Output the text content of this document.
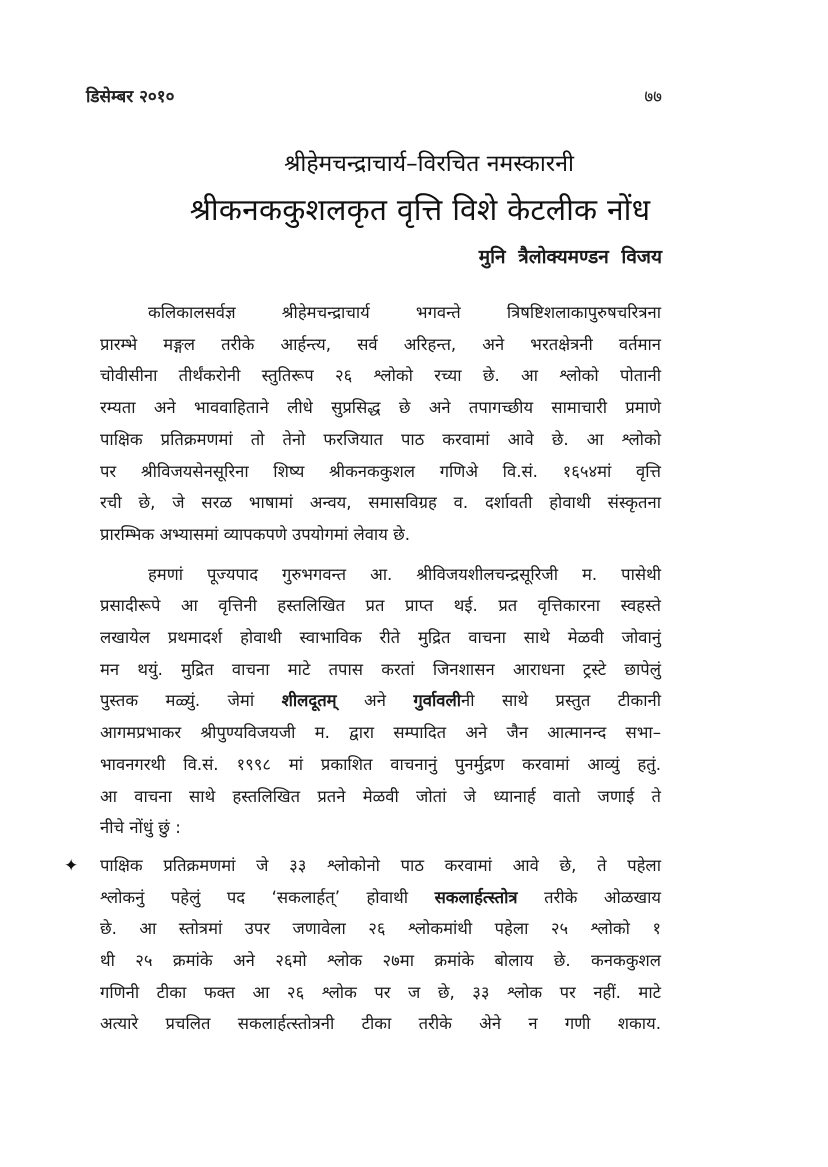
डिसेम्बर २०१०	७७
श्रीहेमचन्द्राचार्य–विरचित नमस्कारनी
श्रीकनककुशलकृत वृत्ति विशे केटलीक नोंध
मुनि त्रैलोक्यमण्डन विजय
कलिकालसर्वज्ञ श्रीहेमचन्द्राचार्य भगवन्ते त्रिषष्टिशलाकापुरुषचरित्रना
प्रारम्भे मङ्गल तरीके आर्हन्त्य, सर्व अरिहन्त, अने भरतक्षेत्रनी वर्तमान
चोवीसीना तीर्थंकरोनी स्तुतिरूप २६ श्लोको रच्या छे. आ श्लोको पोतानी
रम्यता अने भाववाहिताने लीधे सुप्रसिद्ध छे अने तपागच्छीय सामाचारी प्रमाणे
पाक्षिक प्रतिक्रमणमां तो तेनो फरजियात पाठ करवामां आवे छे. आ श्लोको
पर श्रीविजयसेनसूरिना शिष्य श्रीकनककुशल गणिअे वि.सं. १६५४मां वृत्ति
रची छे, जे सरळ भाषामां अन्वय, समासविग्रह व. दर्शावती होवाथी संस्कृतना
प्रारम्भिक अभ्यासमां व्यापकपणे उपयोगमां लेवाय छे.
हमणां पूज्यपाद गुरुभगवन्त आ. श्रीविजयशीलचन्द्रसूरिजी म. पासेथी
प्रसादीरूपे आ वृत्तिनी हस्तलिखित प्रत प्राप्त थई. प्रत वृत्तिकारना स्वहस्ते
लखायेल प्रथमादर्श होवाथी स्वाभाविक रीते मुद्रित वाचना साथे मेळवी जोवानुं
मन थयुं. मुद्रित वाचना माटे तपास करतां जिनशासन आराधना ट्रस्टे छापेलुं
पुस्तक मळ्युं. जेमां शीलदूतम् अने गुर्वावलीनी साथे प्रस्तुत टीकानी
आगमप्रभाकर श्रीपुण्यविजयजी म. द्वारा सम्पादित अने जैन आत्मानन्द सभा–
भावनगरथी वि.सं. १९९८ मां प्रकाशित वाचनानुं पुनर्मुद्रण करवामां आव्युं हतुं.
आ वाचना साथे हस्तलिखित प्रतने मेळवी जोतां जे ध्यानार्ह वातो जणाई ते
नीचे नोंधुं छुं :
✦ पाक्षिक प्रतिक्रमणमां जे ३३ श्लोकोनो पाठ करवामां आवे छे, ते पहेला
श्लोकनुं पहेलुं पद ‘सकलार्हत्’ होवाथी सकलार्हत्स्तोत्र तरीके ओळखाय
छे. आ स्तोत्रमां उपर जणावेला २६ श्लोकमांथी पहेला २५ श्लोको १
थी २५ क्रमांके अने २६मो श्लोक २७मा क्रमांके बोलाय छे. कनककुशल
गणिनी टीका फक्त आ २६ श्लोक पर ज छे, ३३ श्लोक पर नहीं. माटे
अत्यारे प्रचलित सकलार्हत्स्तोत्रनी टीका तरीके अेने न गणी शकाय.
